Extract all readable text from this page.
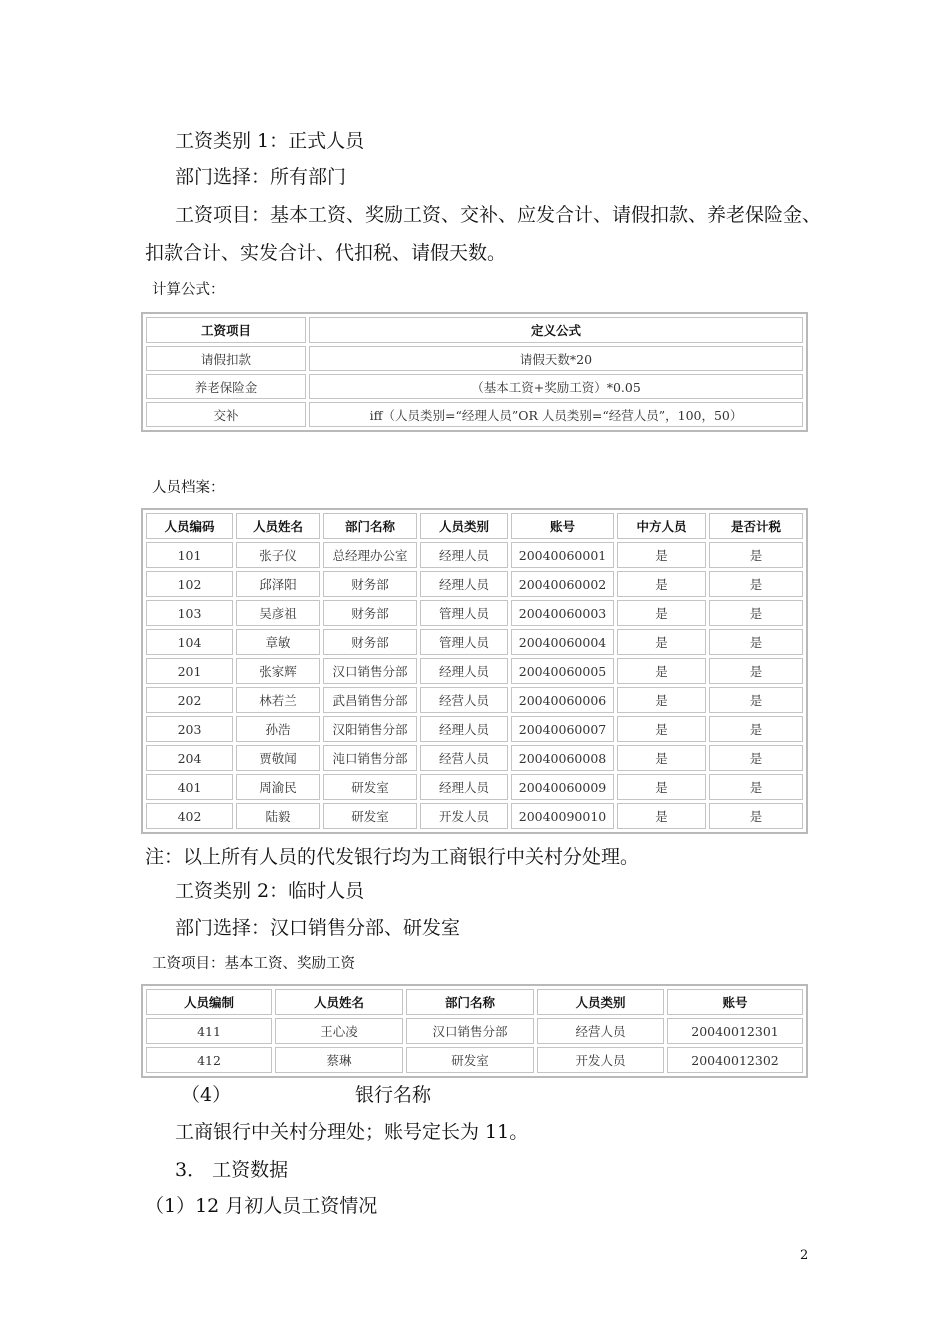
工资类别 1：正式人员
部门选择：所有部门
工资项目：基本工资、奖励工资、交补、应发合计、请假扣款、养老保险金、
扣款合计、实发合计、代扣税、请假天数。
计算公式：
工资项目	定义公式
请假扣款	请假天数*20
养老保险金	（基本工资+奖励工资）*0.05
交补	iff（人员类别=“经理人员”OR 人员类别=“经营人员”，100，50）
人员档案：
人员编码	人员姓名	部门名称	人员类别	账号	中方人员	是否计税
101	张子仪	总经理办公室	经理人员	20040060001	是	是
102	邱泽阳	财务部	经理人员	20040060002	是	是
103	吴彦祖	财务部	管理人员	20040060003	是	是
104	章敏	财务部	管理人员	20040060004	是	是
201	张家辉	汉口销售分部	经理人员	20040060005	是	是
202	林若兰	武昌销售分部	经营人员	20040060006	是	是
203	孙浩	汉阳销售分部	经理人员	20040060007	是	是
204	贾敬闻	沌口销售分部	经营人员	20040060008	是	是
401	周渝民	研发室	经理人员	20040060009	是	是
402	陆毅	研发室	开发人员	20040090010	是	是
注：以上所有人员的代发银行均为工商银行中关村分处理。
工资类别 2：临时人员
部门选择：汉口销售分部、研发室
工资项目：基本工资、奖励工资
人员编制	人员姓名	部门名称	人员类别	账号
411	王心凌	汉口销售分部	经营人员	20040012301
412	蔡琳	研发室	开发人员	20040012302
（4）	银行名称
工商银行中关村分理处；账号定长为 11。
3． 工资数据
（1）12 月初人员工资情况
2
